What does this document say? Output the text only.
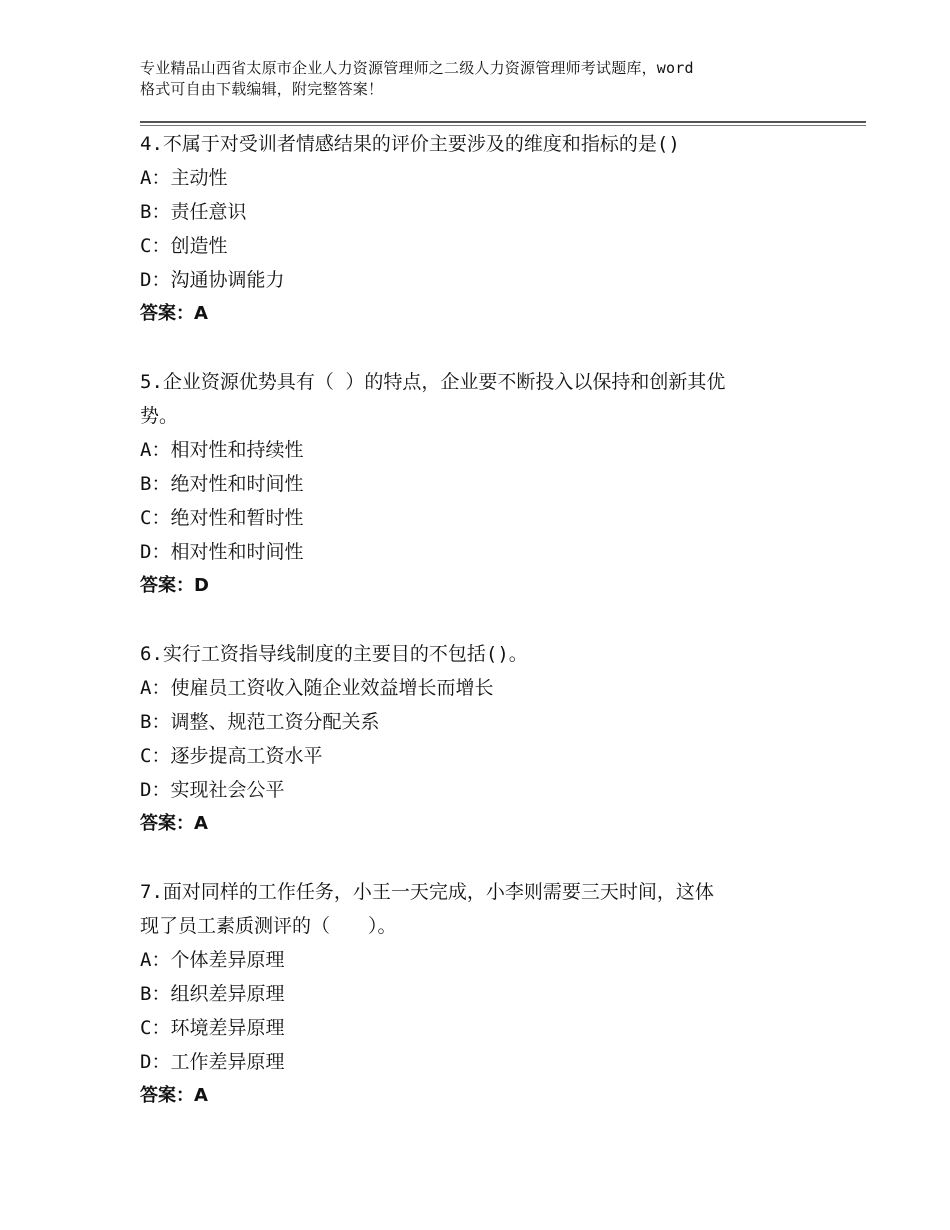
专业精品山西省太原市企业人力资源管理师之二级人力资源管理师考试题库，word
格式可自由下载编辑，附完整答案！
4.不属于对受训者情感结果的评价主要涉及的维度和指标的是()
A：主动性
B：责任意识
C：创造性
D：沟通协调能力
答案：A
5.企业资源优势具有（ ）的特点，企业要不断投入以保持和创新其优
势。
A：相对性和持续性
B：绝对性和时间性
C：绝对性和暂时性
D：相对性和时间性
答案：D
6.实行工资指导线制度的主要目的不包括()。
A：使雇员工资收入随企业效益增长而增长
B：调整、规范工资分配关系
C：逐步提高工资水平
D：实现社会公平
答案：A
7.面对同样的工作任务，小王一天完成，小李则需要三天时间，这体
现了员工素质测评的（　　）。
A：个体差异原理
B：组织差异原理
C：环境差异原理
D：工作差异原理
答案：A
